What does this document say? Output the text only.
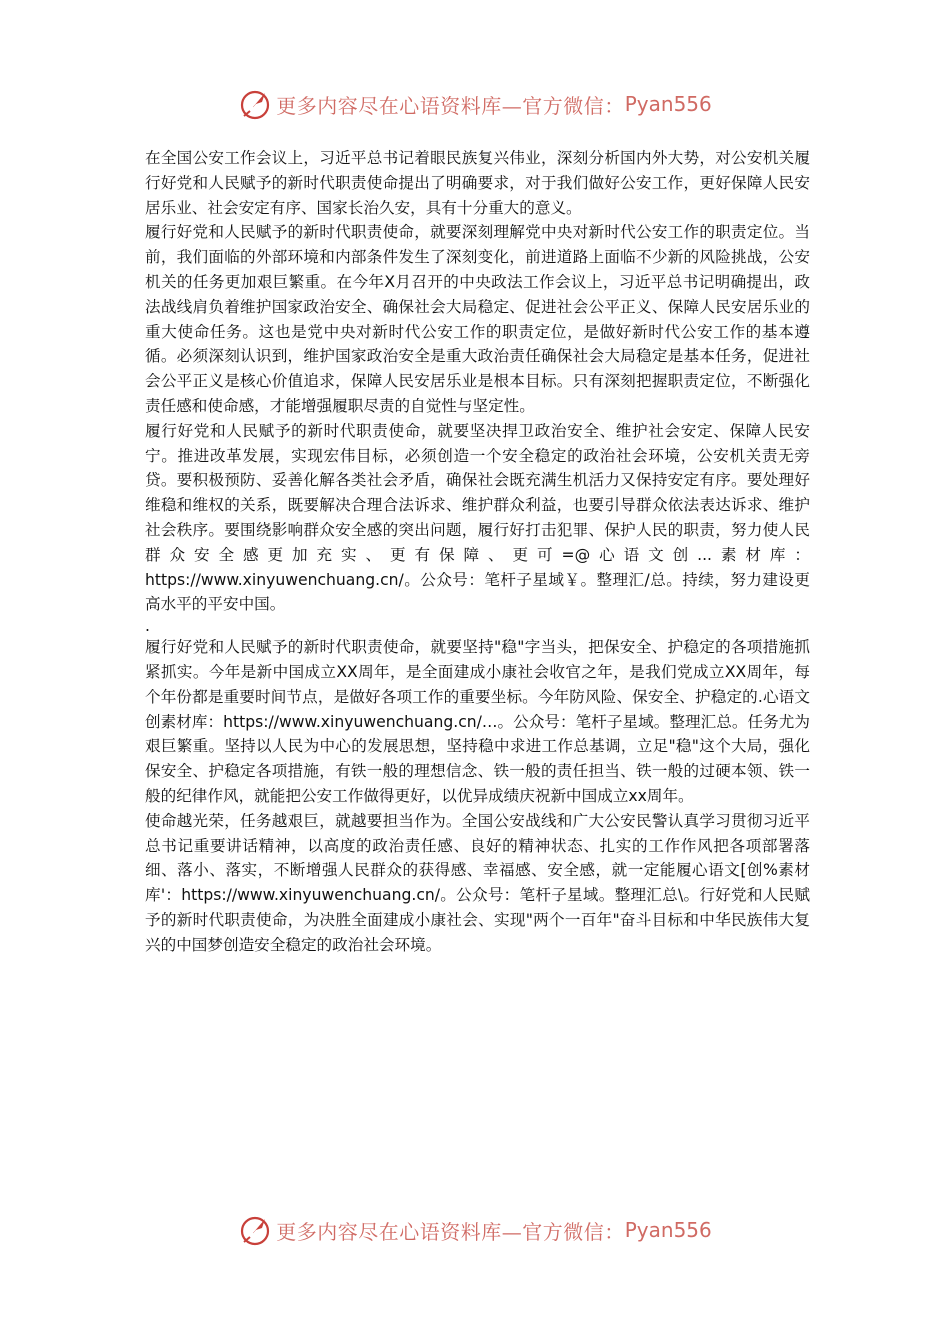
更多内容尽在心语资料库—官方微信： Pyan556

在全国公安工作会议上，习近平总书记着眼民族复兴伟业，深刻分析国内外大势，对公安机关履行好党和人民赋予的新时代职责使命提出了明确要求，对于我们做好公安工作，更好保障人民安居乐业、社会安定有序、国家长治久安，具有十分重大的意义。

履行好党和人民赋予的新时代职责使命，就要深刻理解党中央对新时代公安工作的职责定位。当前，我们面临的外部环境和内部条件发生了深刻变化，前进道路上面临不少新的风险挑战，公安机关的任务更加艰巨繁重。在今年X月召开的中央政法工作会议上，习近平总书记明确提出，政法战线肩负着维护国家政治安全、确保社会大局稳定、促进社会公平正义、保障人民安居乐业的重大使命任务。这也是党中央对新时代公安工作的职责定位，是做好新时代公安工作的基本遵循。必须深刻认识到，维护国家政治安全是重大政治责任确保社会大局稳定是基本任务，促进社会公平正义是核心价值追求，保障人民安居乐业是根本目标。只有深刻把握职责定位，不断强化责任感和使命感，才能增强履职尽责的自觉性与坚定性。

履行好党和人民赋予的新时代职责使命，就要坚决捍卫政治安全、维护社会安定、保障人民安宁。推进改革发展，实现宏伟目标，必须创造一个安全稳定的政治社会环境，公安机关责无旁贷。要积极预防、妥善化解各类社会矛盾，确保社会既充满生机活力又保持安定有序。要处理好维稳和维权的关系，既要解决合理合法诉求、维护群众利益，也要引导群众依法表达诉求、维护社会秩序。要围绕影响群众安全感的突出问题，履行好打击犯罪、保护人民的职责，努力使人民群众安全感更加充实、更有保障、更可=@心语文创...素材库：https://www.xinyuwenchuang.cn/。公众号：笔杆子星域￥。整理汇/总。持续，努力建设更高水平的平安中国。

.

履行好党和人民赋予的新时代职责使命，就要坚持"稳"字当头，把保安全、护稳定的各项措施抓紧抓实。今年是新中国成立XX周年，是全面建成小康社会收官之年，是我们党成立XX周年，每个年份都是重要时间节点，是做好各项工作的重要坐标。今年防风险、保安全、护稳定的.心语文创素材库：https://www.xinyuwenchuang.cn/…。公众号：笔杆子星域。整理汇总。任务尤为艰巨繁重。坚持以人民为中心的发展思想，坚持稳中求进工作总基调，立足"稳"这个大局，强化保安全、护稳定各项措施，有铁一般的理想信念、铁一般的责任担当、铁一般的过硬本领、铁一般的纪律作风，就能把公安工作做得更好，以优异成绩庆祝新中国成立xx周年。

使命越光荣，任务越艰巨，就越要担当作为。全国公安战线和广大公安民警认真学习贯彻习近平总书记重要讲话精神，以高度的政治责任感、良好的精神状态、扎实的工作作风把各项部署落细、落小、落实，不断增强人民群众的获得感、幸福感、安全感，就一定能履心语文[创%素材库'：https://www.xinyuwenchuang.cn/。公众号：笔杆子星域。整理汇总\。行好党和人民赋予的新时代职责使命，为决胜全面建成小康社会、实现"两个一百年"奋斗目标和中华民族伟大复兴的中国梦创造安全稳定的政治社会环境。

更多内容尽在心语资料库—官方微信： Pyan556
